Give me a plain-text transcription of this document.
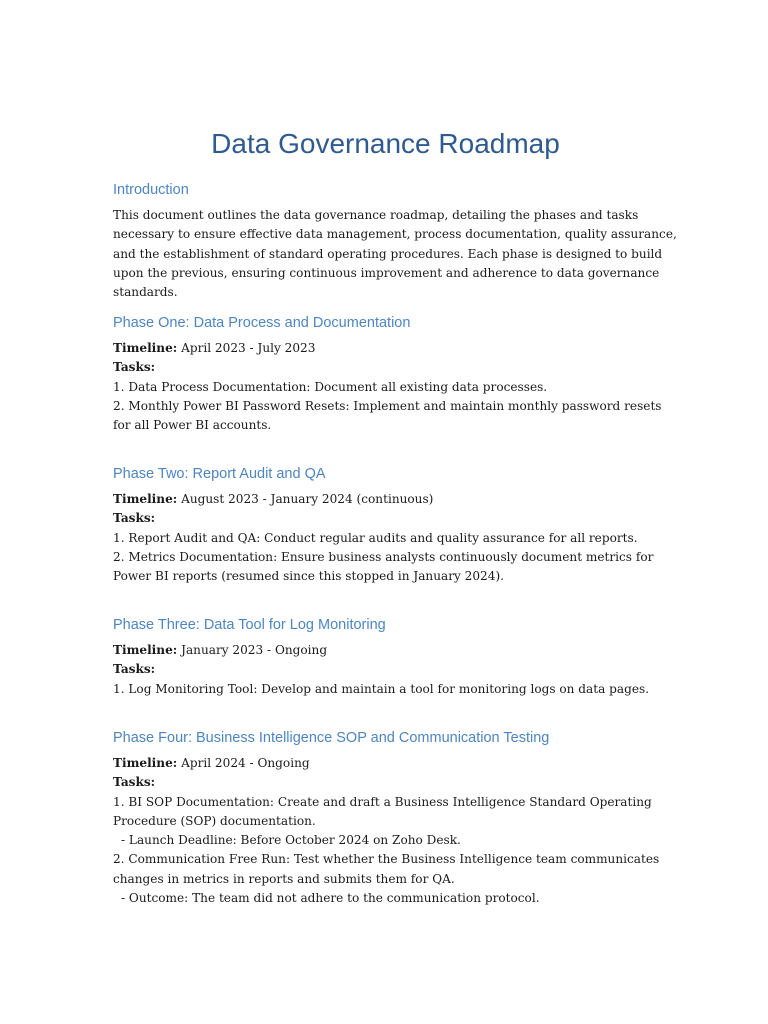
Data Governance Roadmap
Introduction

This document outlines the data governance roadmap, detailing the phases and tasks

necessary to ensure effective data management, process documentation, quality assurance,

and the establishment of standard operating procedures. Each phase is designed to build

upon the previous, ensuring continuous improvement and adherence to data governance

standards.

Phase One: Data Process and Documentation

Timeline: April 2023 - July 2023

Tasks:

1. Data Process Documentation: Document all existing data processes.

2. Monthly Power BI Password Resets: Implement and maintain monthly password resets

for all Power BI accounts.

Phase Two: Report Audit and QA

Timeline: August 2023 - January 2024 (continuous)

Tasks:

1. Report Audit and QA: Conduct regular audits and quality assurance for all reports.

2. Metrics Documentation: Ensure business analysts continuously document metrics for

Power BI reports (resumed since this stopped in January 2024).

Phase Three: Data Tool for Log Monitoring

Timeline: January 2023 - Ongoing

Tasks:

1. Log Monitoring Tool: Develop and maintain a tool for monitoring logs on data pages.

Phase Four: Business Intelligence SOP and Communication Testing

Timeline: April 2024 - Ongoing

Tasks:

1. BI SOP Documentation: Create and draft a Business Intelligence Standard Operating

Procedure (SOP) documentation.

- Launch Deadline: Before October 2024 on Zoho Desk.

2. Communication Free Run: Test whether the Business Intelligence team communicates

changes in metrics in reports and submits them for QA.

- Outcome: The team did not adhere to the communication protocol.
